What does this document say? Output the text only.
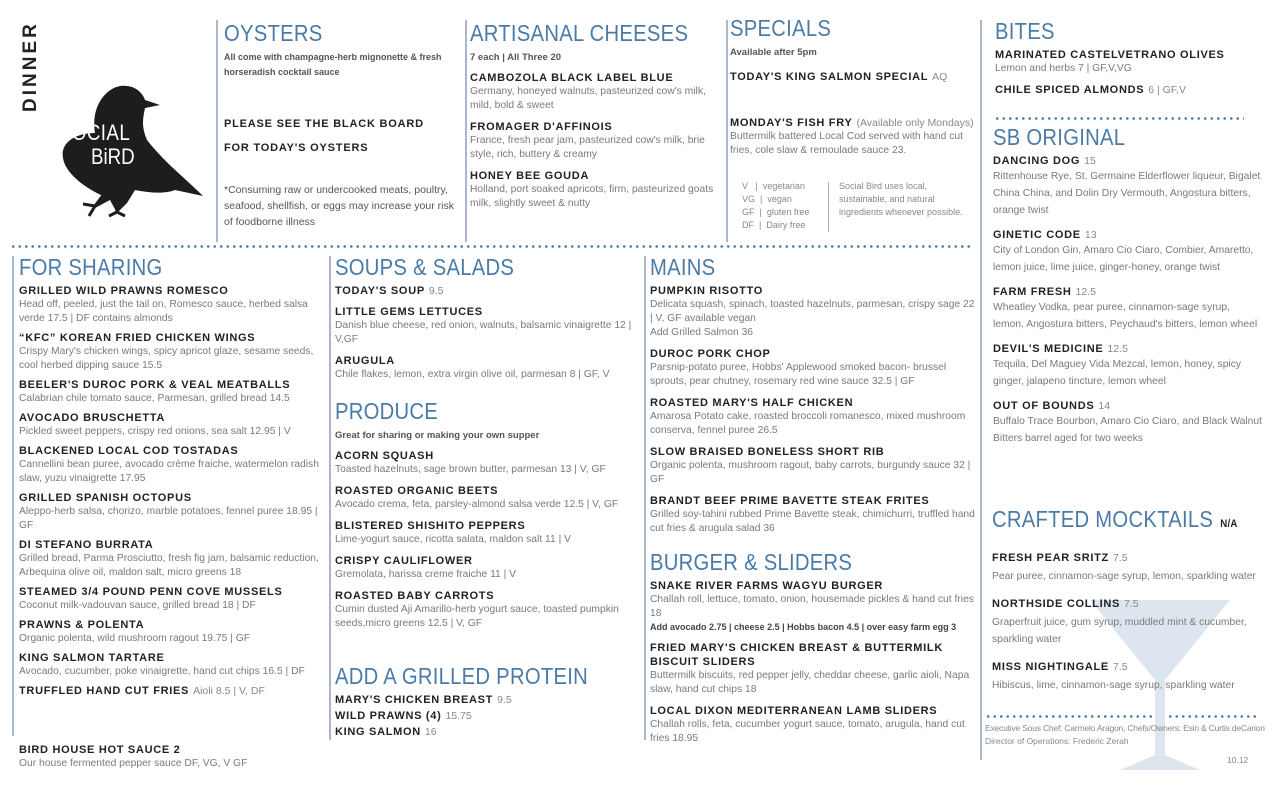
DINNER
SOCIAL
BiRD
OYSTERS
All come with champagne-herb mignonette & fresh horseradish cocktail sauce
PLEASE SEE THE BLACK BOARD
FOR TODAY'S OYSTERS
*Consuming raw or undercooked meats, poultry, seafood, shellfish, or eggs may increase your risk of foodborne illness
ARTISANAL CHEESES
7 each | All Three 20
CAMBOZOLA BLACK LABEL BLUE
Germany, honeyed walnuts, pasteurized cow's milk, mild, bold & sweet
FROMAGER D'AFFINOIS
France, fresh pear jam, pasteurized cow's milk, brie style, rich, buttery & creamy
HONEY BEE GOUDA
Holland, port soaked apricots, firm, pasteurized goats milk, slightly sweet & nutty
SPECIALS
Available after 5pm
TODAY'S KING SALMON SPECIAL AQ
MONDAY'S FISH FRY (Available only Mondays)
Buttermilk battered Local Cod served with hand cut fries, cole slaw & remoulade sauce 23.
V   |  vegetarian
VG  |  vegan
GF  |  gluten free
DF  |  Dairy free
Social Bird uses local, sustainable, and natural ingredients whenever possible.
BITES
MARINATED CASTELVETRANO OLIVES
Lemon and herbs 7 | GF,V,VG
CHILE SPICED ALMONDS 6 | GF,V
SB ORIGINAL
DANCING DOG 15
Rittenhouse Rye, St. Germaine Elderflower liqueur, Bigalet China China, and Dolin Dry Vermouth, Angostura bitters, orange twist
GINETIC CODE 13
City of London Gin, Amaro Cio Ciaro, Combier, Amaretto, lemon juice, lime juice, ginger-honey, orange twist
FARM FRESH 12.5
Wheatley Vodka, pear puree, cinnamon-sage syrup, lemon, Angostura bitters, Peychaud's bitters, lemon wheel
DEVIL'S MEDICINE 12.5
Tequila, Del Maguey Vida Mezcal, lemon, honey, spicy ginger, jalapeno tincture, lemon wheel
OUT OF BOUNDS 14
Buffalo Trace Bourbon, Amaro Cio Ciaro, and Black Walnut Bitters barrel aged for two weeks
CRAFTED MOCKTAILS N/A
FRESH PEAR SRITZ 7.5
Pear puree, cinnamon-sage syrup, lemon, sparkling water
NORTHSIDE COLLINS 7.5
Graperfruit juice, gum syrup, muddled mint & cucumber, sparkling water
MISS NIGHTINGALE 7.5
Hibiscus, lime, cinnamon-sage syrup, sparkling water
Executive Sous Chef: Carmelo Aragon, Chefs/Owners: Esin & Curtis deCarion
Director of Operations: Frederic Zerah
10.12
FOR SHARING
GRILLED WILD PRAWNS ROMESCO
Head off, peeled, just the tail on, Romesco sauce, herbed salsa verde 17.5 | DF contains almonds
“KFC” KOREAN FRIED CHICKEN WINGS
Crispy Mary's chicken wings, spicy apricot glaze, sesame seeds, cool herbed dipping sauce 15.5
BEELER'S DUROC PORK & VEAL MEATBALLS
Calabrian chile tomato sauce, Parmesan, grilled bread 14.5
AVOCADO BRUSCHETTA
Pickled sweet peppers, crispy red onions, sea salt 12.95 | V
BLACKENED LOCAL COD TOSTADAS
Cannellini bean puree, avocado crème fraiche, watermelon radish slaw, yuzu vinaigrette 17.95
GRILLED SPANISH OCTOPUS
Aleppo-herb salsa, chorizo, marble potatoes, fennel puree 18.95 | GF
DI STEFANO BURRATA
Grilled bread, Parma Prosciutto, fresh fig jam, balsamic reduction, Arbequina olive oil, maldon salt, micro greens 18
STEAMED 3/4 POUND PENN COVE MUSSELS
Coconut milk-vadouvan sauce, grilled bread 18 | DF
PRAWNS & POLENTA
Organic polenta, wild mushroom ragout 19.75 | GF
KING SALMON TARTARE
Avocado, cucumber, poke vinaigrette, hand cut chips 16.5 | DF
TRUFFLED HAND CUT FRIES Aioli 8.5 | V, DF
BIRD HOUSE HOT SAUCE 2
Our house fermented pepper sauce DF, VG, V GF
SOUPS & SALADS
TODAY'S SOUP 9.5
LITTLE GEMS LETTUCES
Danish blue cheese, red onion, walnuts, balsamic vinaigrette 12 | V,GF
ARUGULA
Chile flakes, lemon, extra virgin olive oil, parmesan 8 | GF, V
PRODUCE
Great for sharing or making your own supper
ACORN SQUASH
Toasted hazelnuts, sage brown butter, parmesan 13 | V, GF
ROASTED ORGANIC BEETS
Avocado crema, feta, parsley-almond salsa verde 12.5 | V, GF
BLISTERED SHISHITO PEPPERS
Lime-yogurt sauce, ricotta salata, maldon salt 11 | V
CRISPY CAULIFLOWER
Gremolata, harissa creme fraiche 11 | V
ROASTED BABY CARROTS
Cumin dusted Aji Amarillo-herb yogurt sauce, toasted pumpkin seeds,micro greens 12.5 | V, GF
ADD A GRILLED PROTEIN
MARY'S CHICKEN BREAST 9.5
WILD PRAWNS (4) 15.75
KING SALMON 16
MAINS
PUMPKIN RISOTTO
Delicata squash, spinach, toasted hazelnuts, parmesan, crispy sage 22 | V, GF available vegan
Add Grilled Salmon 36
DUROC PORK CHOP
Parsnip-potato puree, Hobbs' Applewood smoked bacon- brussel sprouts, pear chutney, rosemary red wine sauce 32.5 | GF
ROASTED MARY'S HALF CHICKEN
Amarosa Potato cake, roasted broccoli romanesco, mixed mushroom conserva, fennel puree 26.5
SLOW BRAISED BONELESS SHORT RIB
Organic polenta, mushroom ragout, baby carrots, burgundy sauce 32 | GF
BRANDT BEEF PRIME BAVETTE STEAK FRITES
Grilled soy-tahini rubbed Prime Bavette steak, chimichurri, truffled hand cut fries & arugula salad 36
BURGER & SLIDERS
SNAKE RIVER FARMS WAGYU BURGER
Challah roll, lettuce, tomato, onion, housemade pickles & hand cut fries 18
Add avocado 2.75 | cheese 2.5 | Hobbs bacon 4.5 | over easy farm egg 3
FRIED MARY'S CHICKEN BREAST & BUTTERMILK BISCUIT SLIDERS
Buttermilk biscuits, red pepper jelly, cheddar cheese, garlic aioli, Napa slaw, hand cut chips 18
LOCAL DIXON MEDITERRANEAN LAMB SLIDERS
Challah rolls, feta, cucumber yogurt sauce, tomato, arugula, hand cut fries 18.95
